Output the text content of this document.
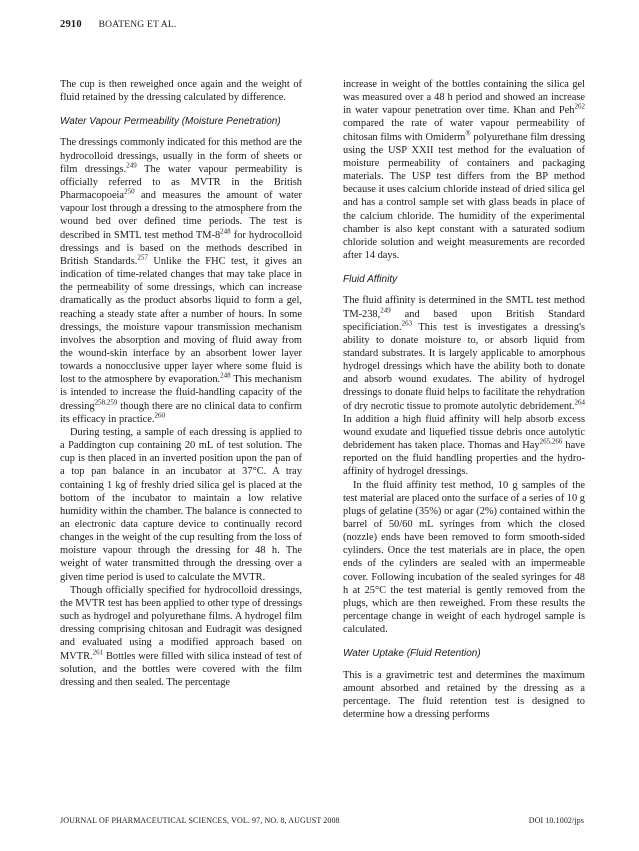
2910 BOATENG ET AL.

The cup is then reweighed once again and the weight of fluid retained by the dressing calculated by difference.

Water Vapour Permeability (Moisture Penetration)

The dressings commonly indicated for this method are the hydrocolloid dressings, usually in the form of sheets or film dressings.$^{249}$ The water vapour permeability is officially referred to as MVTR in the British Pharmacopoeia$^{250}$ and measures the amount of water vapour lost through a dressing to the atmosphere from the wound bed over defined time periods. The test is described in SMTL test method $TM-8^{248}$ for hydrocolloid dressings and is based on the methods described in British Standards.$^{257}$ Unlike the FHC test, it gives an indication of time-related changes that may take place in the permeability of some dressings, which can increase dramatically as the product absorbs liquid to form a gel, reaching a steady state after a number of hours. In some dressings, the moisture vapour transmission mechanism involves the absorption and moving of fluid away from the wound-skin interface by an absorbent lower layer towards a nonocclusive upper layer where some fluid is lost to the atmosphere by evaporation.$^{248}$ This mechanism is intended to increase the fluid-handling capacity of the dressing$^{258,259}$ though there are no clinical data to confirm its efficacy in practice.$^{260}$

During testing, a sample of each dressing is applied to a Paddington cup containing 20 mL of test solution. The cup is then placed in an inverted position upon the pan of a top pan balance in an incubator at 37°C. A tray containing 1 kg of freshly dried silica gel is placed at the bottom of the incubator to maintain a low relative humidity within the chamber. The balance is connected to an electronic data capture device to continually record changes in the weight of the cup resulting from the loss of moisture vapour through the dressing for 48 h. The weight of water transmitted through the dressing over a given time period is used to calculate the MVTR.

Though officially specified for hydrocolloid dressings, the MVTR test has been applied to other type of dressings such as hydrogel and polyurethane films. A hydrogel film dressing comprising chitosan and Eudragit was designed and evaluated using a modified approach based on MVTR.$^{261}$ Bottles were filled with silica instead of test of solution, and the bottles were covered with the film dressing and then sealed. The percentage

increase in weight of the bottles containing the silica gel was measured over a 48 h period and showed an increase in water vapour penetration over time. Khan and Peh$^{262}$ compared the rate of water vapour permeability of chitosan films with Omiderm® polyurethane film dressing using the USP XXII test method for the evaluation of moisture permeability of containers and packaging materials. The USP test differs from the BP method because it uses calcium chloride instead of dried silica gel and has a control sample set with glass beads in place of the calcium chloride. The humidity of the experimental chamber is also kept constant with a saturated sodium chloride solution and weight measurements are recorded after 14 days.

Fluid Affinity

The fluid affinity is determined in the SMTL test method TM-238,$^{249}$ and based upon British Standard specificiation.$^{263}$ This test is investigates a dressing's ability to donate moisture to, or absorb liquid from standard substrates. It is largely applicable to amorphous hydrogel dressings which have the ability both to donate and absorb wound exudates. The ability of hydrogel dressings to donate fluid helps to facilitate the rehydration of dry necrotic tissue to promote autolytic debridement.$^{264}$ In addition a high fluid affinity will help absorb excess wound exudate and liquefied tissue debris once autolytic debridement has taken place. Thomas and Hay$^{265,266}$ have reported on the fluid handling properties and the hydro-affinity of hydrogel dressings.

In the fluid affinity test method, 10 g samples of the test material are placed onto the surface of a series of 10 g plugs of gelatine (35%) or agar (2%) contained within the barrel of 50/60 mL syringes from which the closed (nozzle) ends have been removed to form smooth-sided cylinders. Once the test materials are in place, the open ends of the cylinders are sealed with an impermeable cover. Following incubation of the sealed syringes for 48 h at 25°C the test material is gently removed from the plugs, which are then reweighed. From these results the percentage change in weight of each hydrogel sample is calculated.

Water Uptake (Fluid Retention)

This is a gravimetric test and determines the maximum amount absorbed and retained by the dressing as a percentage. The fluid retention test is designed to determine how a dressing performs

JOURNAL OF PHARMACEUTICAL SCIENCES, VOL. 97, NO. 8, AUGUST 2008	DOI 10.1002/jps
